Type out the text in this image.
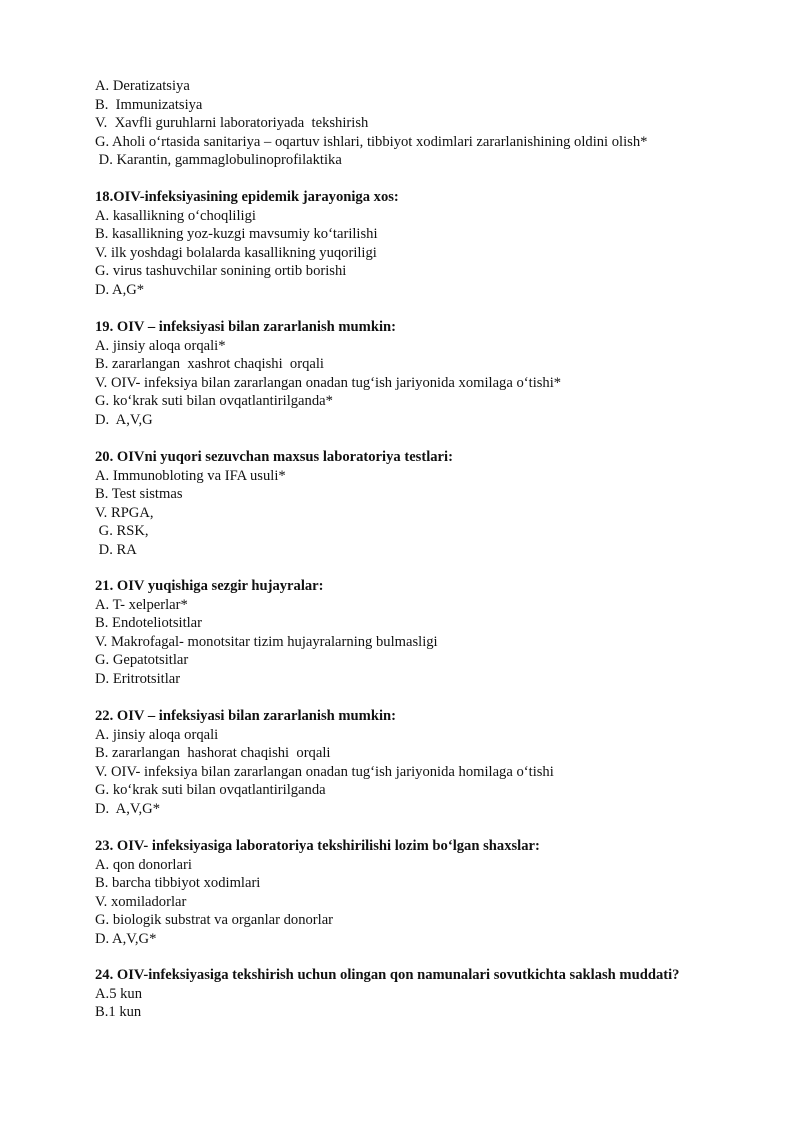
A. Deratizatsiya
B.  Immunizatsiya
V.  Xavfli guruhlarni laboratoriyada  tekshirish
G. Aholi o‘rtasida sanitariya – oqartuv ishlari, tibbiyot xodimlari zararlanishining oldini olish*
D. Karantin, gammaglobulinoprofilaktika
18.OIV-infeksiyasining epidemik jarayoniga xos:
A. kasallikning o‘choqliligi
B. kasallikning yoz-kuzgi mavsumiy ko‘tarilishi
V. ilk yoshdagi bolalarda kasallikning yuqoriligi
G. virus tashuvchilar sonining ortib borishi
D. A,G*
19. OIV – infeksiyasi bilan zararlanish mumkin:
A. jinsiy aloqa orqali*
B. zararlangan  xashrot chaqishi  orqali
V. OIV- infeksiya bilan zararlangan onadan tug‘ish jariyonida xomilaga o‘tishi*
G. ko‘krak suti bilan ovqatlantirilganda*
D.  A,V,G
20. OIVni yuqori sezuvchan maxsus laboratoriya testlari:
A. Immunobloting va IFA usuli*
B. Test sistmas
V. RPGA,
G. RSK,
D. RA
21. OIV yuqishiga sezgir hujayralar:
A. T- xelperlar*
B. Endoteliotsitlar
V. Makrofagal- monotsitar tizim hujayralarning bulmasligi
G. Gepatotsitlar
D. Eritrotsitlar
22. OIV – infeksiyasi bilan zararlanish mumkin:
A. jinsiy aloqa orqali
B. zararlangan  hashorat chaqishi  orqali
V. OIV- infeksiya bilan zararlangan onadan tug‘ish jariyonida homilaga o‘tishi
G. ko‘krak suti bilan ovqatlantirilganda
D.  A,V,G*
23. OIV- infeksiyasiga laboratoriya tekshirilishi lozim bo‘lgan shaxslar:
A. qon donorlari
B. barcha tibbiyot xodimlari
V. xomiladorlar
G. biologik substrat va organlar donorlar
D. A,V,G*
24. OIV-infeksiyasiga tekshirish uchun olingan qon namunalari sovutkichta saklash muddati?
A.5 kun
B.1 kun
